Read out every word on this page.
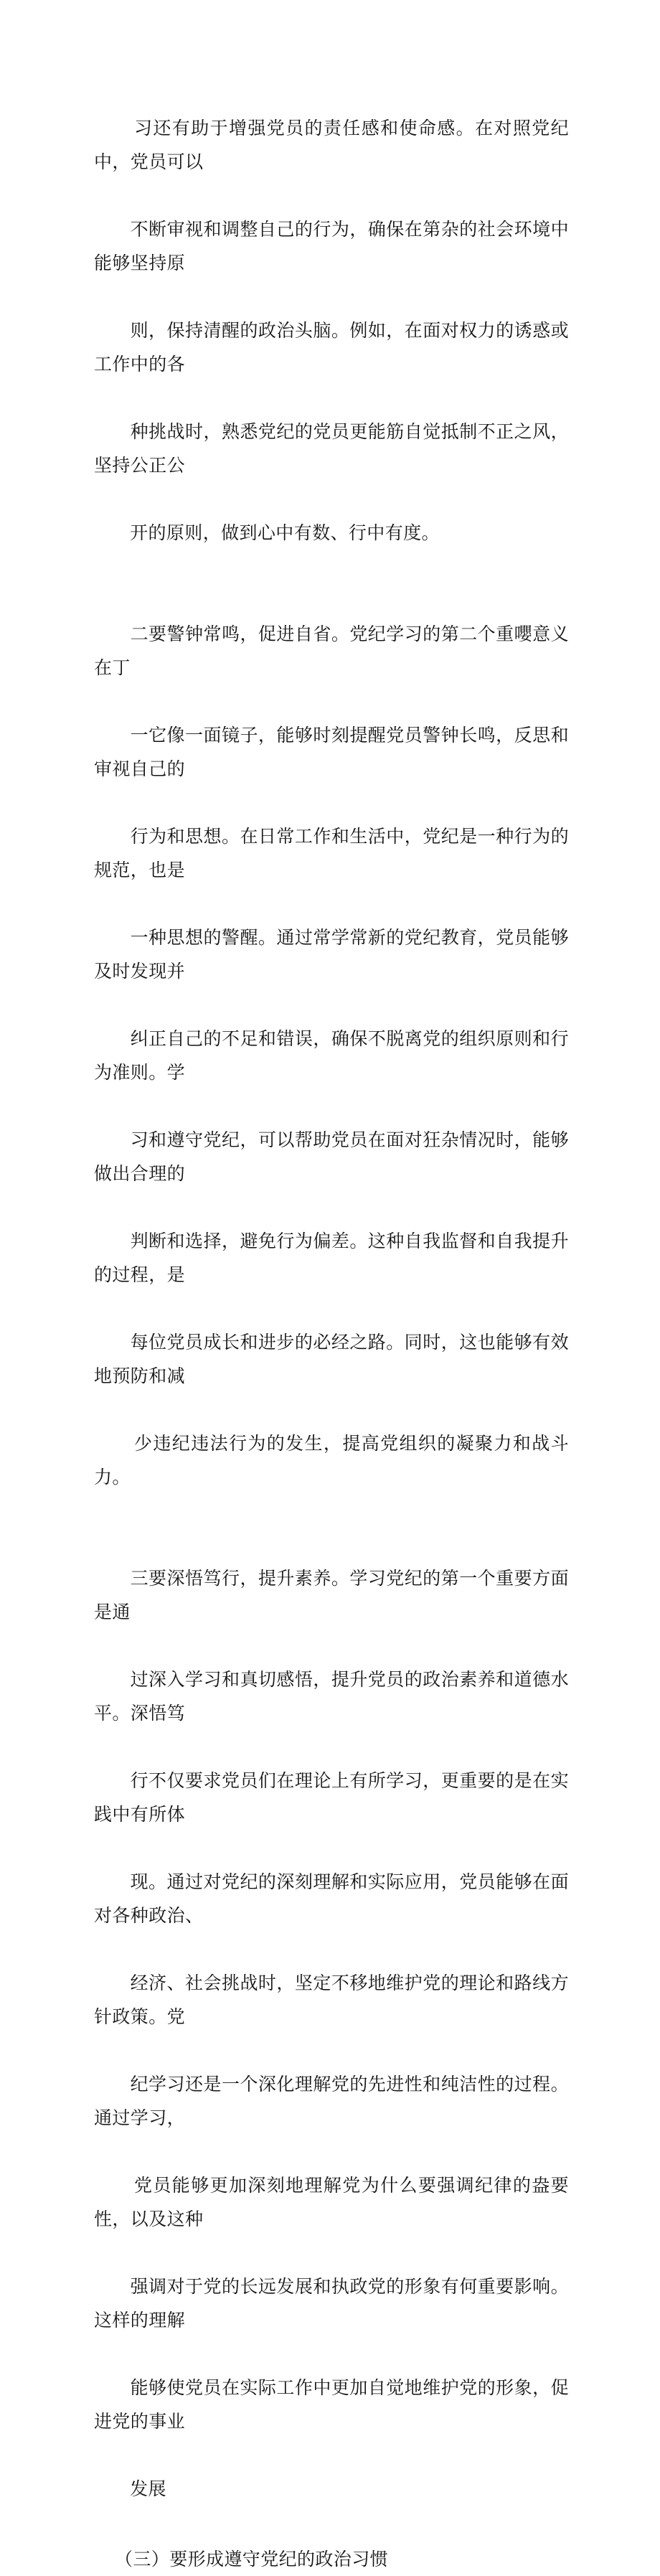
习还有助于增强党员的责任感和使命感。在对照党纪中，党员可以

不断审视和调整自己的行为，确保在第杂的社会环境中能够坚持原

则，保持清醒的政治头脑。例如，在面对权力的诱惑或工作中的各

种挑战时，熟悉党纪的党员更能筋自觉抵制不正之风，坚持公正公

开的原则，做到心中有数、行中有度。

二要警钟常鸣，促进自省。党纪学习的第二个重嚶意义在丁

一它像一面镜子，能够时刻提醒党员警钟长鸣，反思和审视自己的

行为和思想。在日常工作和生活中，党纪是一种行为的规范，也是

一种思想的警醒。通过常学常新的党纪教育，党员能够及时发现并

纠正自己的不足和错误，确保不脱离党的组织原则和行为准则。学

习和遵守党纪，可以帮助党员在面对狂杂情况时，能够做出合理的

判断和选择，避免行为偏差。这种自我监督和自我提升的过程，是

每位党员成长和进步的必经之路。同时，这也能够有效地预防和减

少违纪违法行为的发生，提高党组织的凝聚力和战斗力。

三要深悟笃行，提升素养。学习党纪的第一个重要方面是通

过深入学习和真切感悟，提升党员的政治素养和道德水平。深悟笃

行不仅要求党员们在理论上有所学习，更重要的是在实践中有所体

现。通过对党纪的深刻理解和实际应用，党员能够在面对各种政治、

经济、社会挑战时，坚定不移地维护党的理论和路线方针政策。党

纪学习还是一个深化理解党的先进性和纯洁性的过程。通过学习，

党员能够更加深刻地理解党为什么要强调纪律的盎要性，以及这种

强调对于党的长远发展和执政党的形象有何重要影响。这样的理解

能够使党员在实际工作中更加自觉地维护党的形象，促进党的事业

发展

（三）要形成遵守党纪的政治习惯
